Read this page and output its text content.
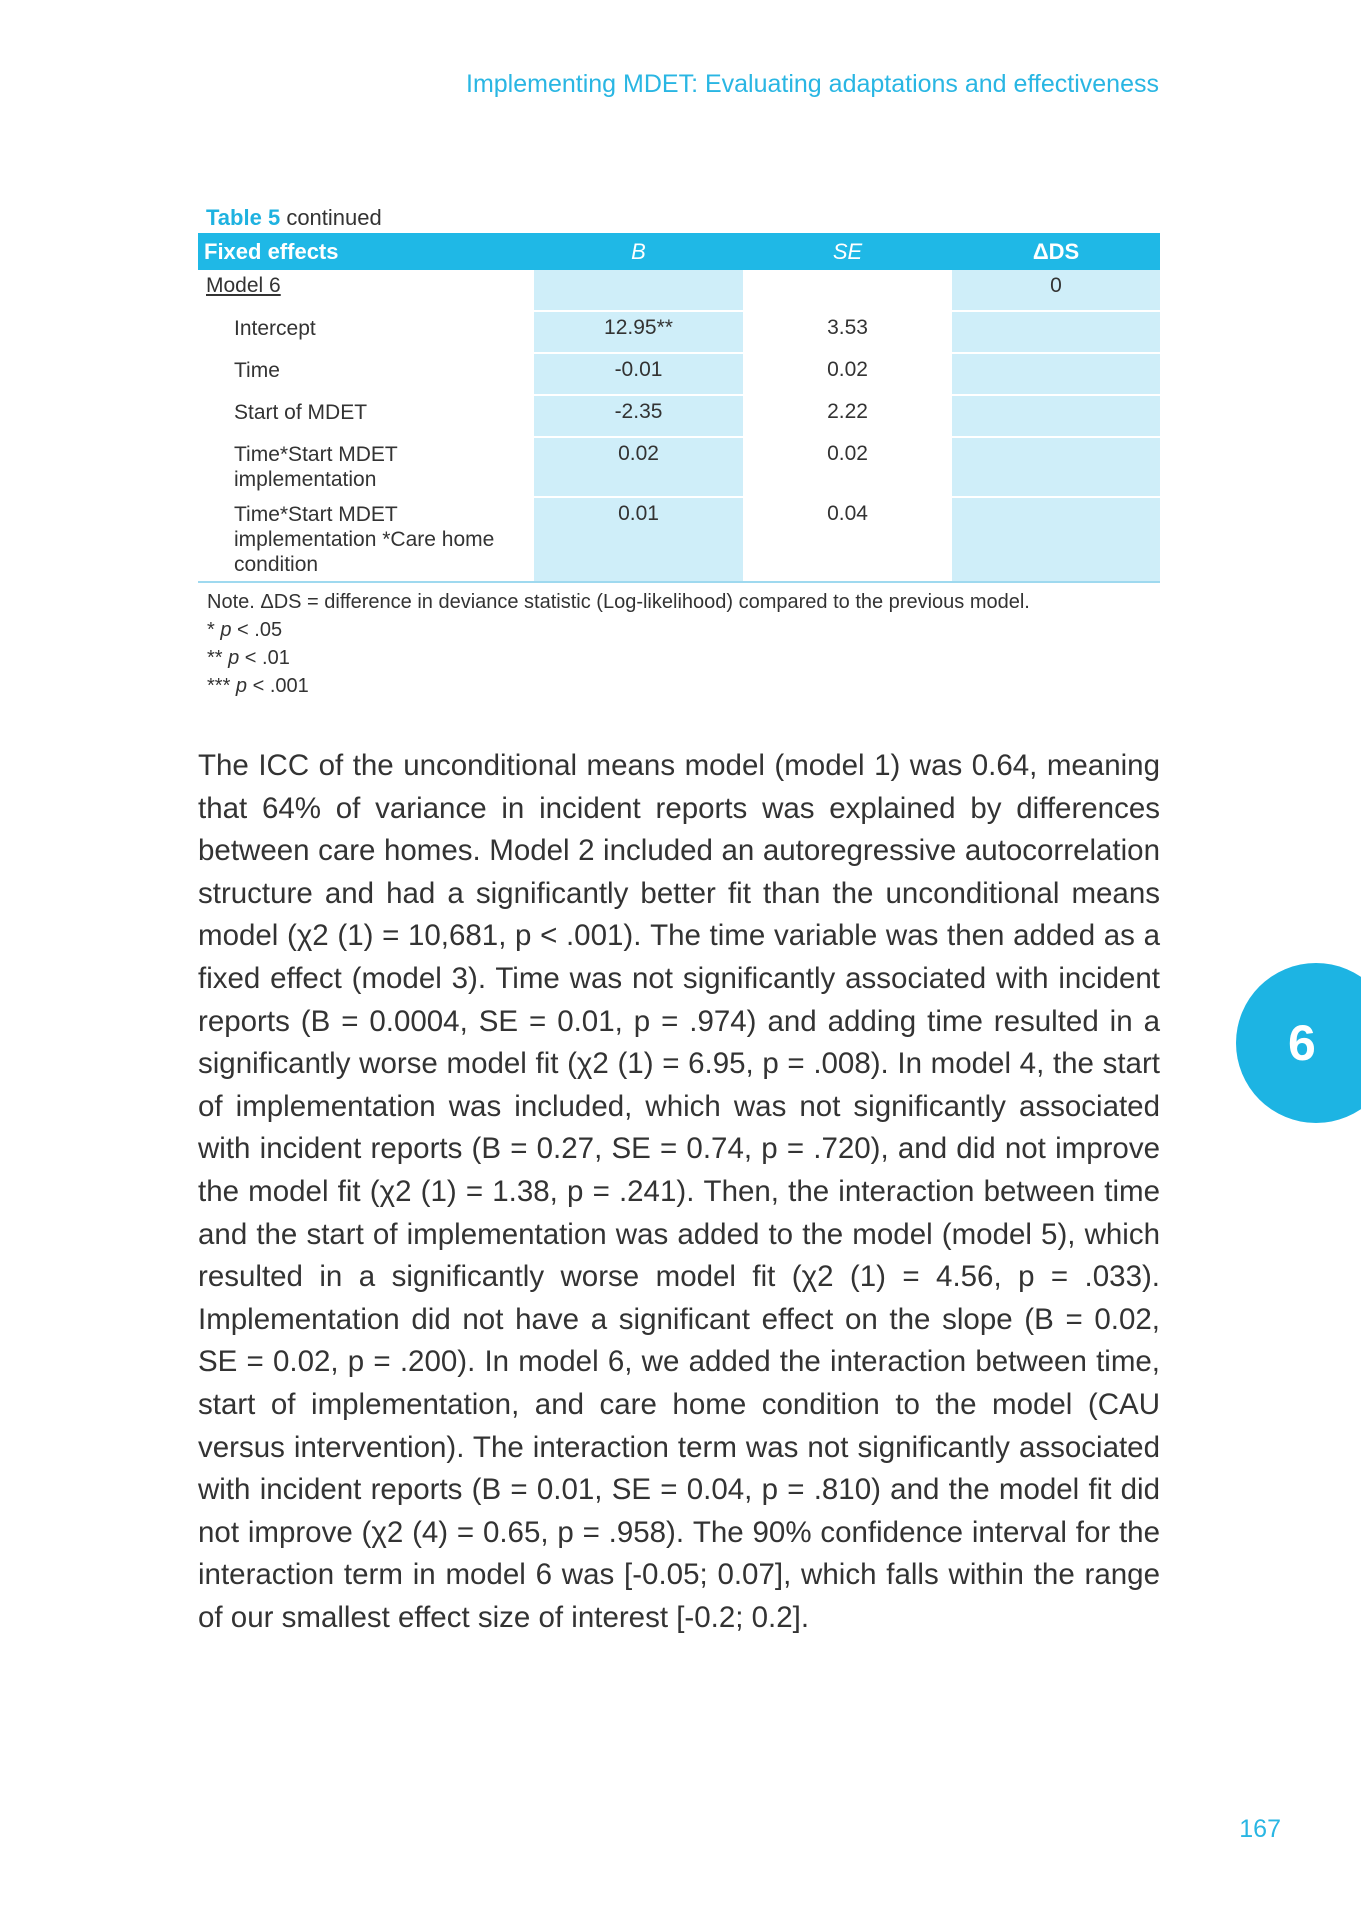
Implementing MDET: Evaluating adaptations and effectiveness
Table 5 continued
Fixed effects	B	SE	ΔDS
Model 6			0

Intercept	12.95**	3.53	

Time	-0.01	0.02	

Start of MDET	-2.35	2.22	

Time*Start MDET
implementation	0.02	0.02	

Time*Start MDET
implementation *Care home
condition	0.01	0.04	
Note. ΔDS = difference in deviance statistic (Log-likelihood) compared to the previous model.
* p < .05
** p < .01
*** p < .001
The ICC of the unconditional means model (model 1) was 0.64, meaning that 64% of variance in incident reports was explained by differences between care homes. Model 2 included an autoregressive autocorrelation structure and had a significantly better fit than the unconditional means model (χ2 (1) = 10,681, p < .001). The time variable was then added as a fixed effect (model 3). Time was not significantly associated with incident reports (B = 0.0004, SE = 0.01, p = .974) and adding time resulted in a significantly worse model fit (χ2 (1) = 6.95, p = .008). In model 4, the start of implementation was included, which was not significantly associated with incident reports (B = 0.27, SE = 0.74, p = .720), and did not improve the model fit (χ2 (1) = 1.38, p = .241). Then, the interaction between time and the start of implementation was added to the model (model 5), which resulted in a significantly worse model fit (χ2 (1) = 4.56, p = .033). Implementation did not have a significant effect on the slope (B = 0.02, SE = 0.02, p = .200). In model 6, we added the interaction between time, start of implementation, and care home condition to the model (CAU versus intervention). The interaction term was not significantly associated with incident reports (B = 0.01, SE = 0.04, p = .810) and the model fit did not improve (χ2 (4) = 0.65, p = .958). The 90% confidence interval for the interaction term in model 6 was [-0.05; 0.07], which falls within the range of our smallest effect size of interest [-0.2; 0.2].
6
167
